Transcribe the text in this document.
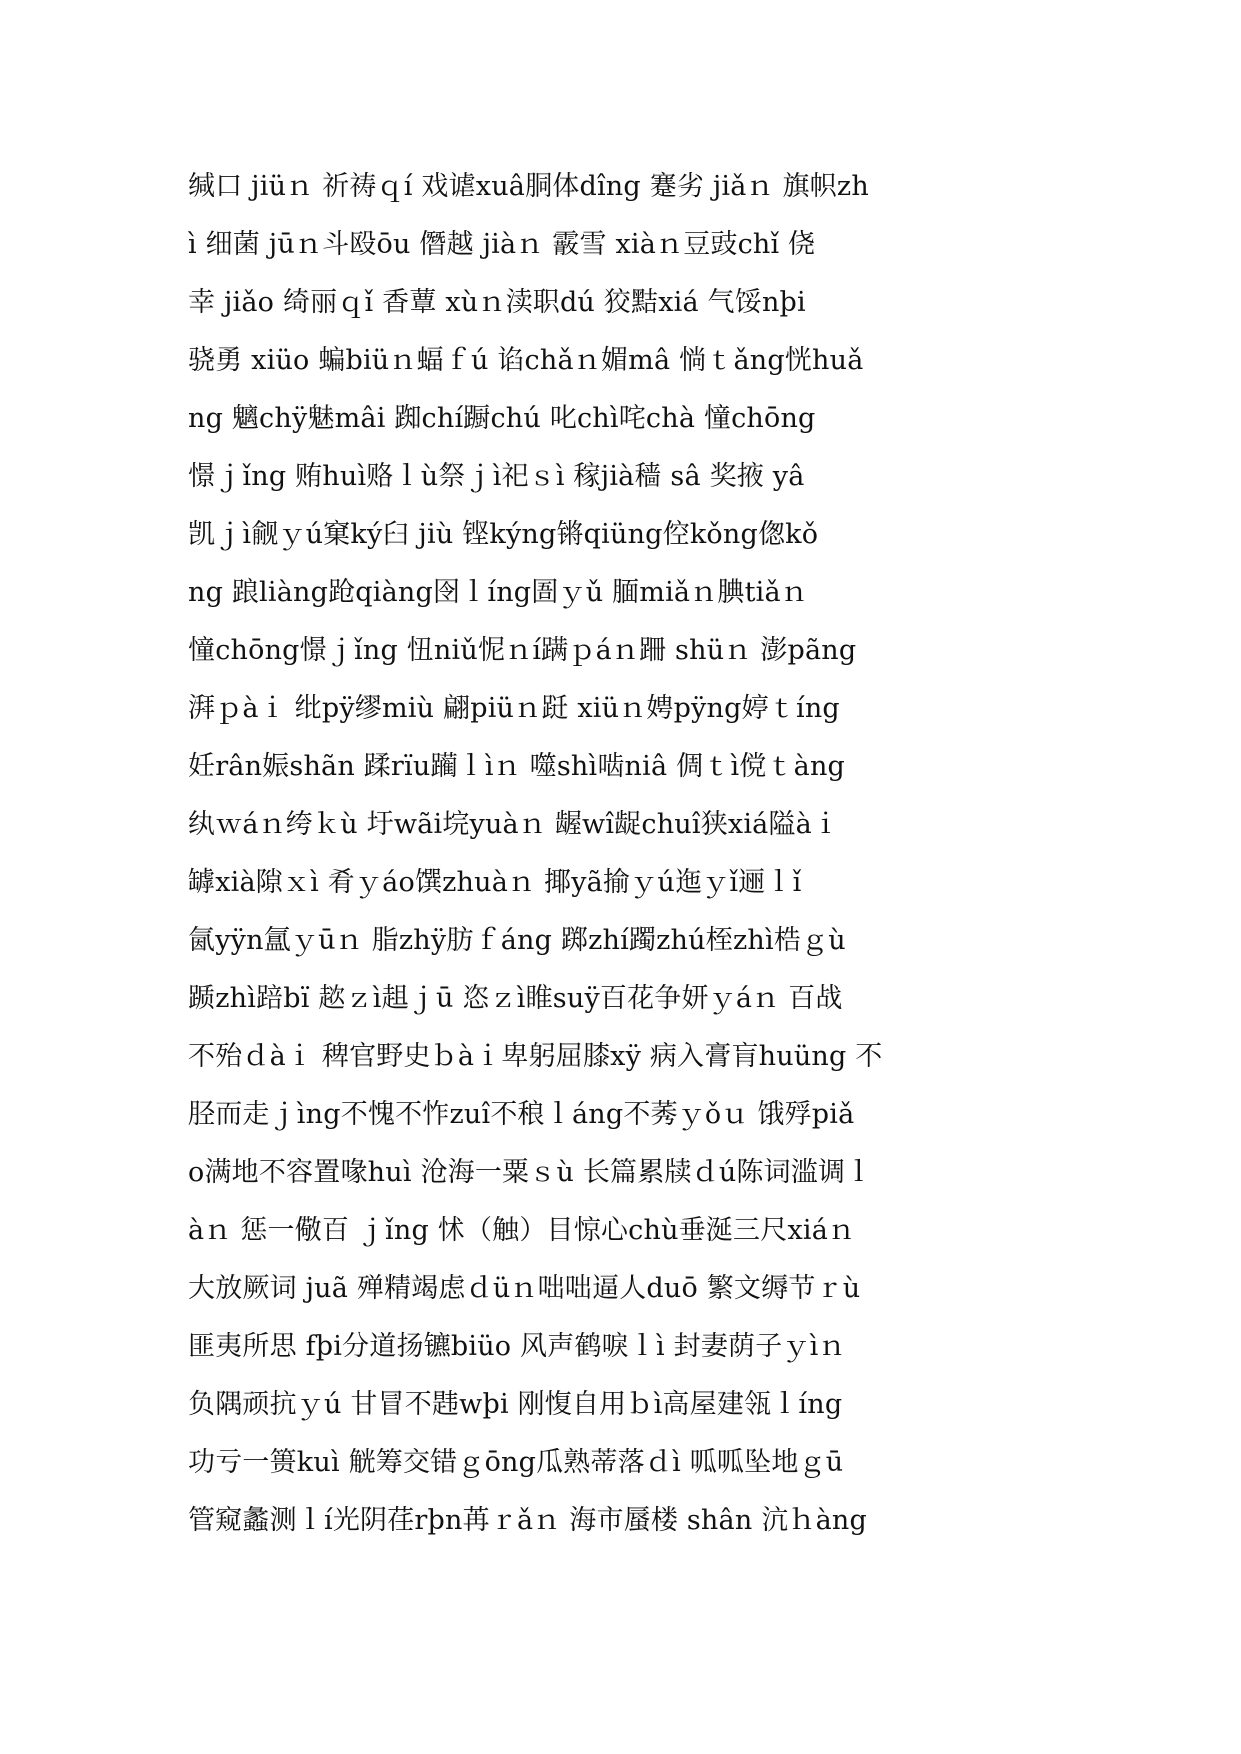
缄口 jiüｎ 祈祷ｑí 戏谑xuâ胴体dîng 蹇劣 jiǎｎ 旗帜zh
ì 细菌 jūｎ斗殴ōu 僭越 jiàｎ 霰雪 xiàｎ豆豉chǐ 侥
幸 jiǎo 绮丽ｑǐ 香蕈 xùｎ渎职dú 狡黠xiá 气馁nþi
骁勇 xiüo 蝙biüｎ蝠ｆú 谄chǎｎ媚mâ 惝ｔǎng恍huǎ
ng 魑chÿ魅mâi 踟chí蹰chú 叱chì咤chà 憧chōng
憬ｊǐng 贿huì赂ｌù祭ｊì祀ｓì 稼jià穑 sâ 奖掖 yâ
凯ｊì觎ｙú窠ký臼 jiù 铿kýng锵qiüng倥kǒng偬kǒ
ng 踉liàng跄qiàng囹ｌíng圄ｙǔ 腼miǎｎ腆tiǎｎ
憧chōng憬ｊǐng 忸niǔ怩ｎí蹒ｐáｎ跚 shüｎ 澎pãng
湃ｐàｉ 纰pÿ缪miù 翩piüｎ跹 xiüｎ娉pÿng婷ｔíng
妊rân娠shãn 蹂rïu躏ｌìｎ 噬shì啮niâ 倜ｔì傥ｔàng
纨ｗáｎ绔ｋù 圩wãi垸yuàｎ 龌wî龊chuî狭xiá隘àｉ
罅xià隙ｘì 肴ｙáo馔zhuàｎ 揶yã揄ｙú迤ｙǐ逦ｌǐ
氤yÿn氲ｙūｎ 脂zhÿ肪ｆáng 踯zhí躅zhú桎zhì梏ｇù
踬zhì踣bï 趑ｚì趄ｊū 恣ｚì睢suÿ百花争妍ｙáｎ 百战
不殆ｄàｉ 稗官野史ｂàｉ卑躬屈膝xÿ 病入膏肓huüng 不
胫而走ｊìng不愧不怍zuî不稂ｌáng不莠ｙǒｕ 饿殍piǎ
o满地不容置喙huì 沧海一粟ｓù 长篇累牍ｄú陈词滥调ｌ
àｎ 惩一儆百 ｊǐng 怵（触）目惊心chù垂涎三尺xiáｎ
大放厥词 juã 殚精竭虑ｄüｎ咄咄逼人duō 繁文缛节ｒù
匪夷所思 fþi分道扬镳biüo 风声鹤唳ｌì 封妻荫子ｙìｎ
负隅顽抗ｙú 甘冒不韪wþi 刚愎自用ｂì高屋建瓴ｌíng
功亏一篑kuì 觥筹交错ｇōng瓜熟蒂落ｄì 呱呱坠地ｇū
管窥蠡测ｌí光阴荏rþn苒ｒǎｎ 海市蜃楼 shân 沆ｈàng
